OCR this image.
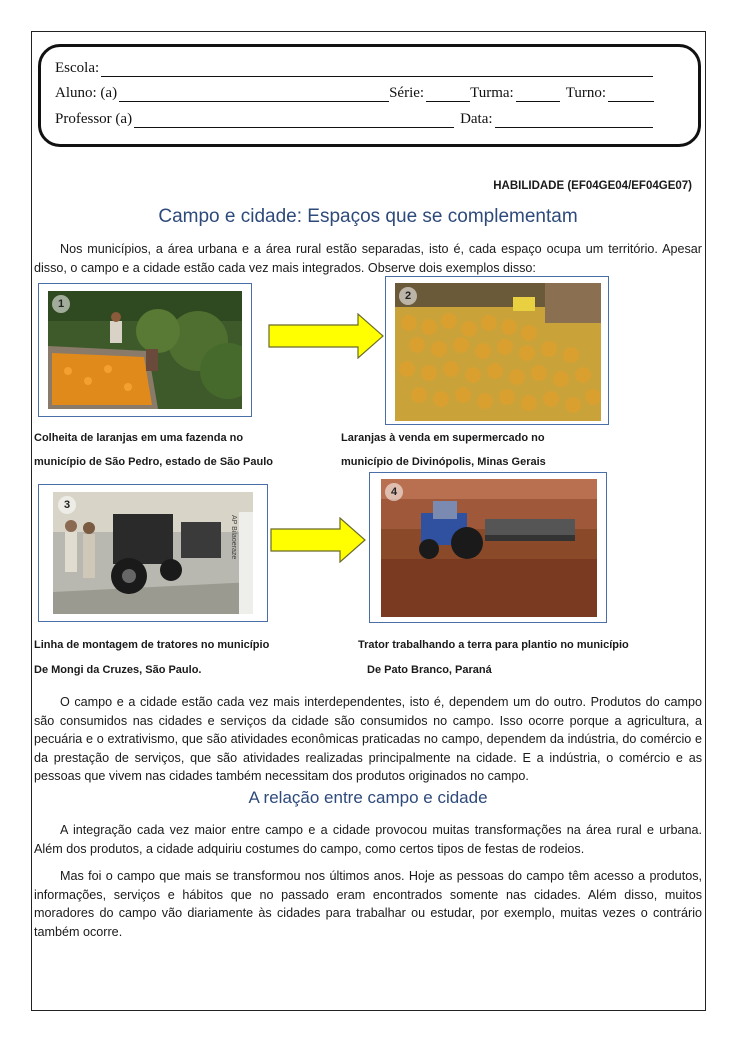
Escola:
Aluno: (a)	Série:	Turma:	Turno:
Professor (a)	Data:
HABILIDADE (EF04GE04/EF04GE07)
Campo e cidade: Espaços que se complementam
Nos municípios, a área urbana e a área rural estão separadas, isto é, cada espaço ocupa um território. Apesar disso, o campo e a cidade estão cada vez mais integrados. Observe dois exemplos disso:
1
2
Colheita de laranjas em uma fazenda no
município de São Pedro, estado de São Paulo
Laranjas à venda em supermercado no
município de Divinópolis, Minas Gerais
3
AP Bilaoeraze
4
Linha de montagem de tratores no município
De Mongi da Cruzes, São Paulo.
Trator trabalhando a terra para plantio no município
De Pato Branco, Paraná
O campo e a cidade estão cada vez mais interdependentes, isto é, dependem um do outro. Produtos do campo são consumidos nas cidades e serviços da cidade são consumidos no campo. Isso ocorre porque a agricultura, a pecuária e o extrativismo, que são atividades econômicas praticadas no campo, dependem da indústria, do comércio e da prestação de serviços, que são atividades realizadas principalmente na cidade. E a indústria, o comércio e as pessoas que vivem nas cidades também necessitam dos produtos originados no campo.
A relação entre campo e cidade
A integração cada vez maior entre campo e a cidade provocou muitas transformações na área rural e urbana. Além dos produtos, a cidade adquiriu costumes do campo, como certos tipos de festas de rodeios.
Mas foi o campo que mais se transformou nos últimos anos. Hoje as pessoas do campo têm acesso a produtos, informações, serviços e hábitos que no passado eram encontrados somente nas cidades. Além disso, muitos moradores do campo vão diariamente às cidades para trabalhar ou estudar, por exemplo, muitas vezes o contrário também ocorre.
